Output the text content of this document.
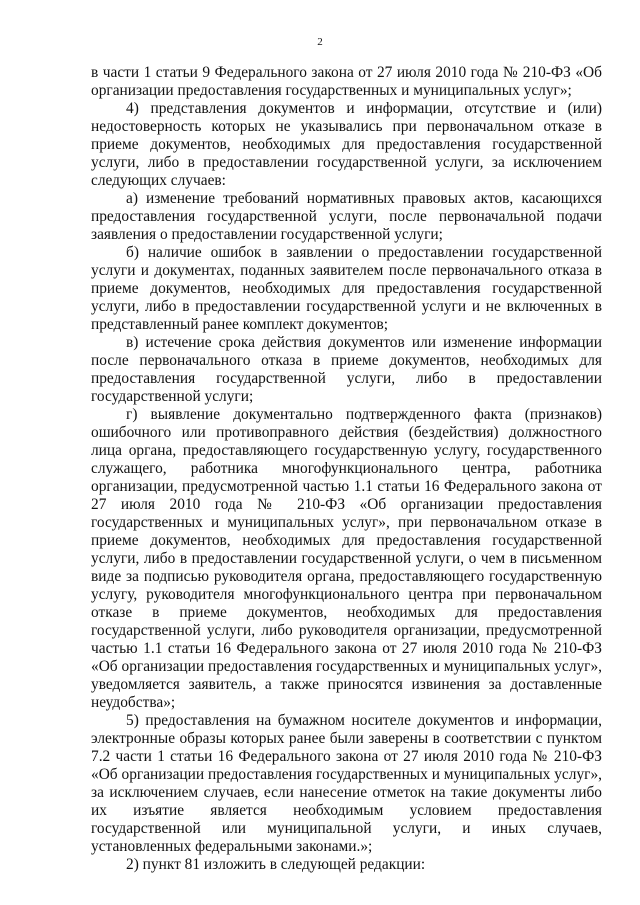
2

в части 1 статьи 9 Федерального закона от 27 июля 2010 года № 210-ФЗ «Об организации предоставления государственных и муниципальных услуг»;

4) представления документов и информации, отсутствие и (или) недостоверность которых не указывались при первоначальном отказе в приеме документов, необходимых для предоставления государственной услуги, либо в предоставлении государственной услуги, за исключением следующих случаев:

а) изменение требований нормативных правовых актов, касающихся предоставления государственной услуги, после первоначальной подачи заявления о предоставлении государственной услуги;

б) наличие ошибок в заявлении о предоставлении государственной услуги и документах, поданных заявителем после первоначального отказа в приеме документов, необходимых для предоставления государственной услуги, либо в предоставлении государственной услуги и не включенных в представленный ранее комплект документов;

в) истечение срока действия документов или изменение информации после первоначального отказа в приеме документов, необходимых для предоставления государственной услуги, либо в предоставлении государственной услуги;

г) выявление документально подтвержденного факта (признаков) ошибочного или противоправного действия (бездействия) должностного лица органа, предоставляющего государственную услугу, государственного служащего, работника многофункционального центра, работника организации, предусмотренной частью 1.1 статьи 16 Федерального закона от 27 июля 2010 года № 210-ФЗ «Об организации предоставления государственных и муниципальных услуг», при первоначальном отказе в приеме документов, необходимых для предоставления государственной услуги, либо в предоставлении государственной услуги, о чем в письменном виде за подписью руководителя органа, предоставляющего государственную услугу, руководителя многофункционального центра при первоначальном отказе в приеме документов, необходимых для предоставления государственной услуги, либо руководителя организации, предусмотренной частью 1.1 статьи 16 Федерального закона от 27 июля 2010 года № 210-ФЗ «Об организации предоставления государственных и муниципальных услуг», уведомляется заявитель, а также приносятся извинения за доставленные неудобства»;

5) предоставления на бумажном носителе документов и информации, электронные образы которых ранее были заверены в соответствии с пунктом 7.2 части 1 статьи 16 Федерального закона от 27 июля 2010 года № 210-ФЗ «Об организации предоставления государственных и муниципальных услуг», за исключением случаев, если нанесение отметок на такие документы либо их изъятие является необходимым условием предоставления государственной или муниципальной услуги, и иных случаев, установленных федеральными законами.»;

2) пункт 81 изложить в следующей редакции:
